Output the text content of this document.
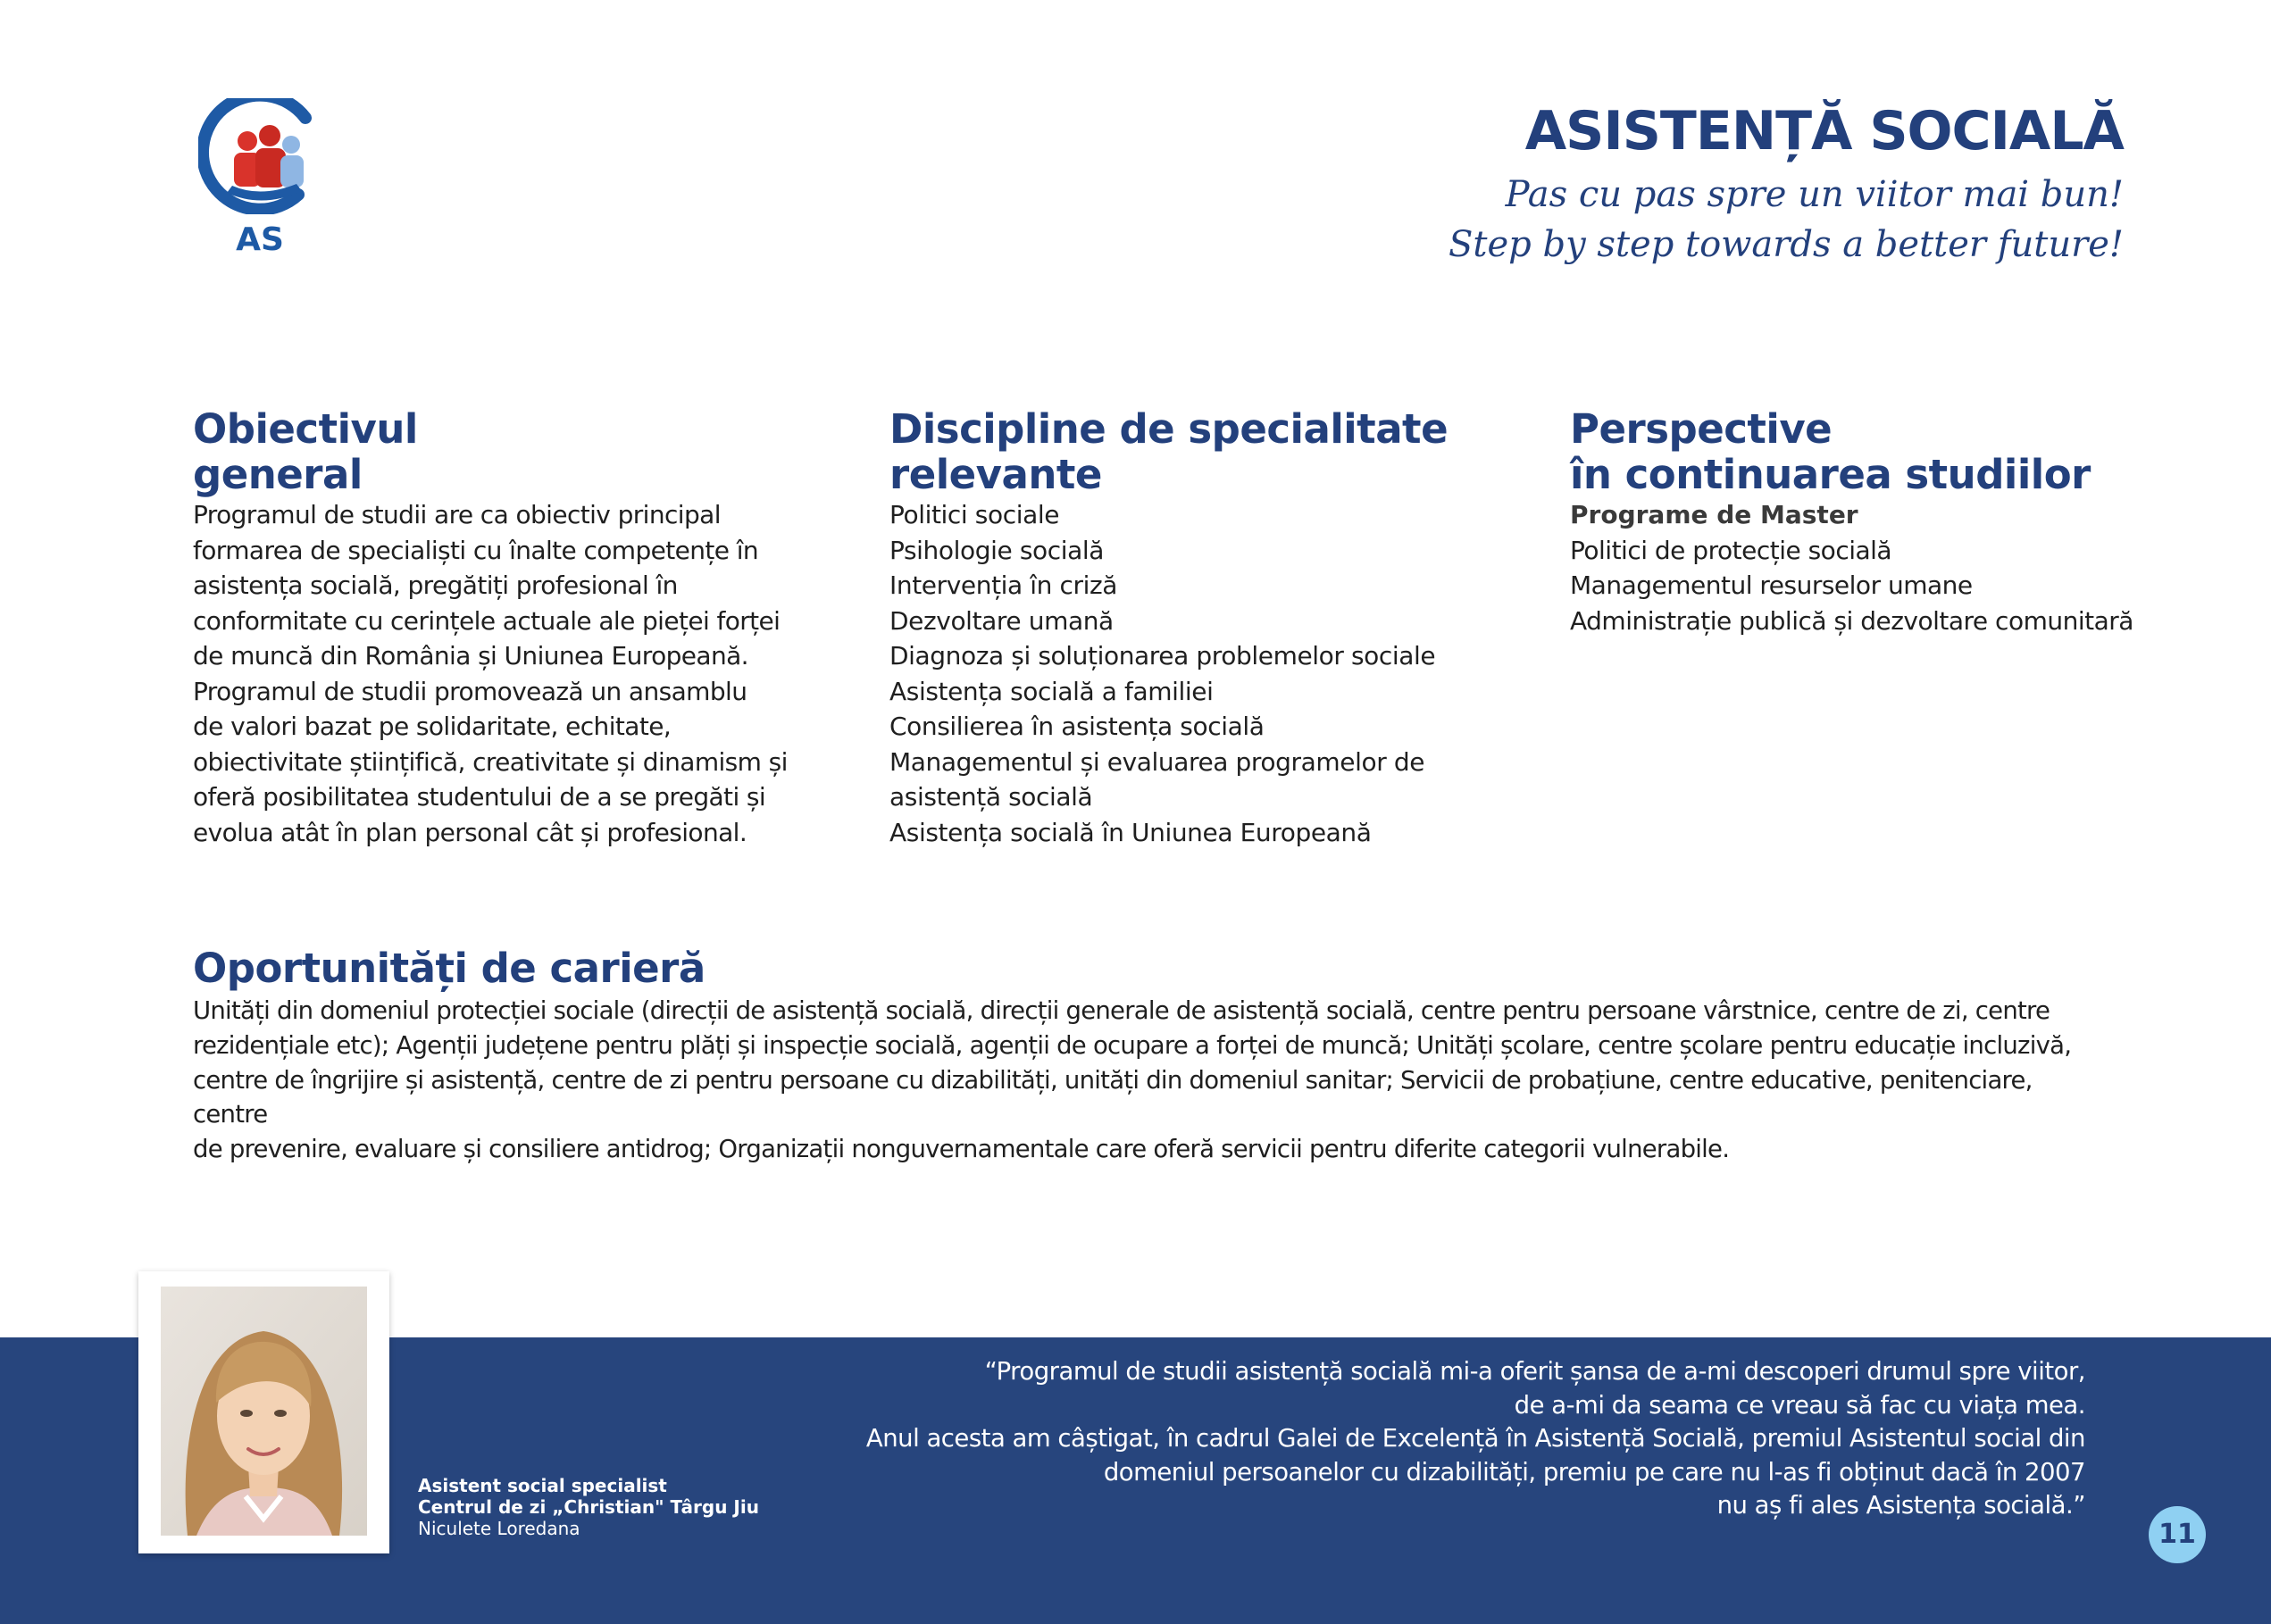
AS
ASISTENȚĂ SOCIALĂ
Pas cu pas spre un viitor mai bun!
Step by step towards a better future!
Obiectivul
general

Programul de studii are ca obiectiv principal
formarea de specialiști cu înalte competențe în
asistența socială, pregătiți profesional în
conformitate cu cerințele actuale ale pieței forței
de muncă din România și Uniunea Europeană.
Programul de studii promovează un ansamblu
de valori bazat pe solidaritate, echitate,
obiectivitate științifică, creativitate și dinamism și
oferă posibilitatea studentului de a se pregăti și
evolua atât în plan personal cât și profesional.

Discipline de specialitate
relevante
Politici sociale
Psihologie socială
Intervenția în criză
Dezvoltare umană
Diagnoza și soluționarea problemelor sociale
Asistența socială a familiei
Consilierea în asistența socială
Managementul și evaluarea programelor de
asistență socială
Asistența socială în Uniunea Europeană
Perspective
în continuarea studiilor

Programe de Master

Politici de protecție socială
Managementul resurselor umane
Administrație publică și dezvoltare comunitară
Oportunități de carieră

Unități din domeniul protecției sociale (direcții de asistență socială, direcții generale de asistență socială, centre pentru persoane vârstnice, centre de zi, centre
rezidențiale etc); Agenții județene pentru plăți și inspecție socială, agenții de ocupare a forței de muncă; Unități școlare, centre școlare pentru educație incluzivă,
centre de îngrijire și asistență, centre de zi pentru persoane cu dizabilități, unități din domeniul sanitar; Servicii de probațiune, centre educative, penitenciare, centre
de prevenire, evaluare și consiliere antidrog; Organizații nonguvernamentale care oferă servicii pentru diferite categorii vulnerabile.

Asistent social specialist
Centrul de zi „Christian" Târgu Jiu
Niculete Loredana
“Programul de studii asistență socială mi-a oferit șansa de a-mi descoperi drumul spre viitor,
de a-mi da seama ce vreau să fac cu viața mea.
Anul acesta am câștigat, în cadrul Galei de Excelență în Asistență Socială, premiul Asistentul social din
domeniul persoanelor cu dizabilități, premiu pe care nu l-as fi obținut dacă în 2007
nu aș fi ales Asistența socială.”
11
